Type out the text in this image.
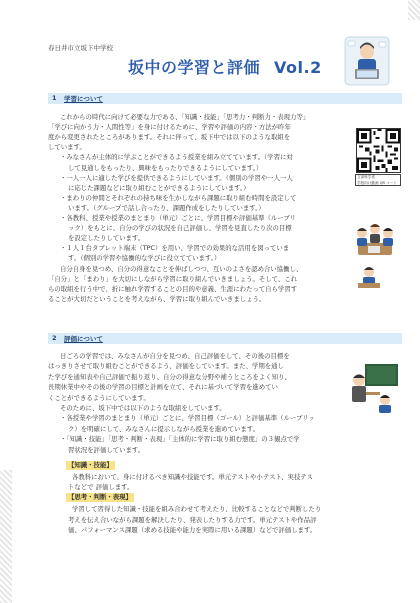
春日井市立坂下中学校
坂中の学習と評価 Vol.2
1 学習について
これからの時代に向けて必要な力である、「知識・技能」「思考力・判断力・表現力等」
「学びに向かう力・人間性等」を身に付けるために、学習や評価の内容・方法が昨年
度から変更されたところがあります。それに伴って、坂下中では以下のような取組を
しています。
・みなさんが主体的に学ぶことができるよう授業を組み立てています。（学習に対
して見通しをもったり、興味をもったりできるようにしています。）
・一人一人に適した学びを提供できるようにしています。（個別の学習や一人一人
に応じた課題などに取り組むことができるようにしています。）
・まわりの仲間とそれぞれの持ち味を生かしながら課題に取り組む時間を設定して
います。（グループで話し合ったり、課題作成をしたりしています。）
・各教科、授業や授業のまとまり（単元）ごとに、学習目標や評価基準（ルーブリ
ック）をもとに、自分の学びの状況を自己評価し、学習を見直したり次の目標
を設定したりしています。
・１人１台タブレット端末（TPC）を用い、学習での効果的な活用を図っていま
す。（個別の学習や協働的な学びに役立てています。）
自分自身を見つめ、自分の得意なことを伸ばしつつ、互いのよさを認め合い協働し、
「自分」と「まわり」を大切にしながら学習に取り組んでいきましょう。そして、これ
らの取組を行う中で、折に触れ学習することの目的や意義、生涯にわたって自ら学習す
ることが大切だということを考えながら、学習に取り組んでいきましょう。
文部科学省
学校向け動画 QR コード
2 評価について
日ごろの学習では、みなさんが自分を見つめ、自己評価をして、その後の目標を
はっきりさせて取り組むことができるよう、評価をしています。また、学期を通し
た学びを通知表や自己評価で振り返り、自分の得意な分野や補うところをよく知り、
長期休業中やその後の学習の目標と計画を立て、それに基づいて学習を進めてい
くことができるようにしています。
そのために、坂下中では以下のような取組をしています。
・各授業や学習のまとまり（単元）ごとに、学習目標（ゴール）と評価基準（ルーブリッ
ク）を明確にして、みなさんに提示しながら授業を進めています。
・「知識・技能」「思考・判断・表現」「主体的に学習に取り組む態度」の３観点で学
習状況を評価しています。
【知識・技能】
各教科において、身に付けるべき知識や技能です。単元テストや小テスト、実技テス
トなどで 評価します。
【思考・判断・表現】
学習して習得した知識・技能を組み合わせて考えたり、比較することなどで判断したり
考えを伝え合いながら課題を解決したり、発表したりする力です。単元テストや作品評
価、パフォーマンス課題（求める技能や能力を実際に用いる課題）などで評価します。
